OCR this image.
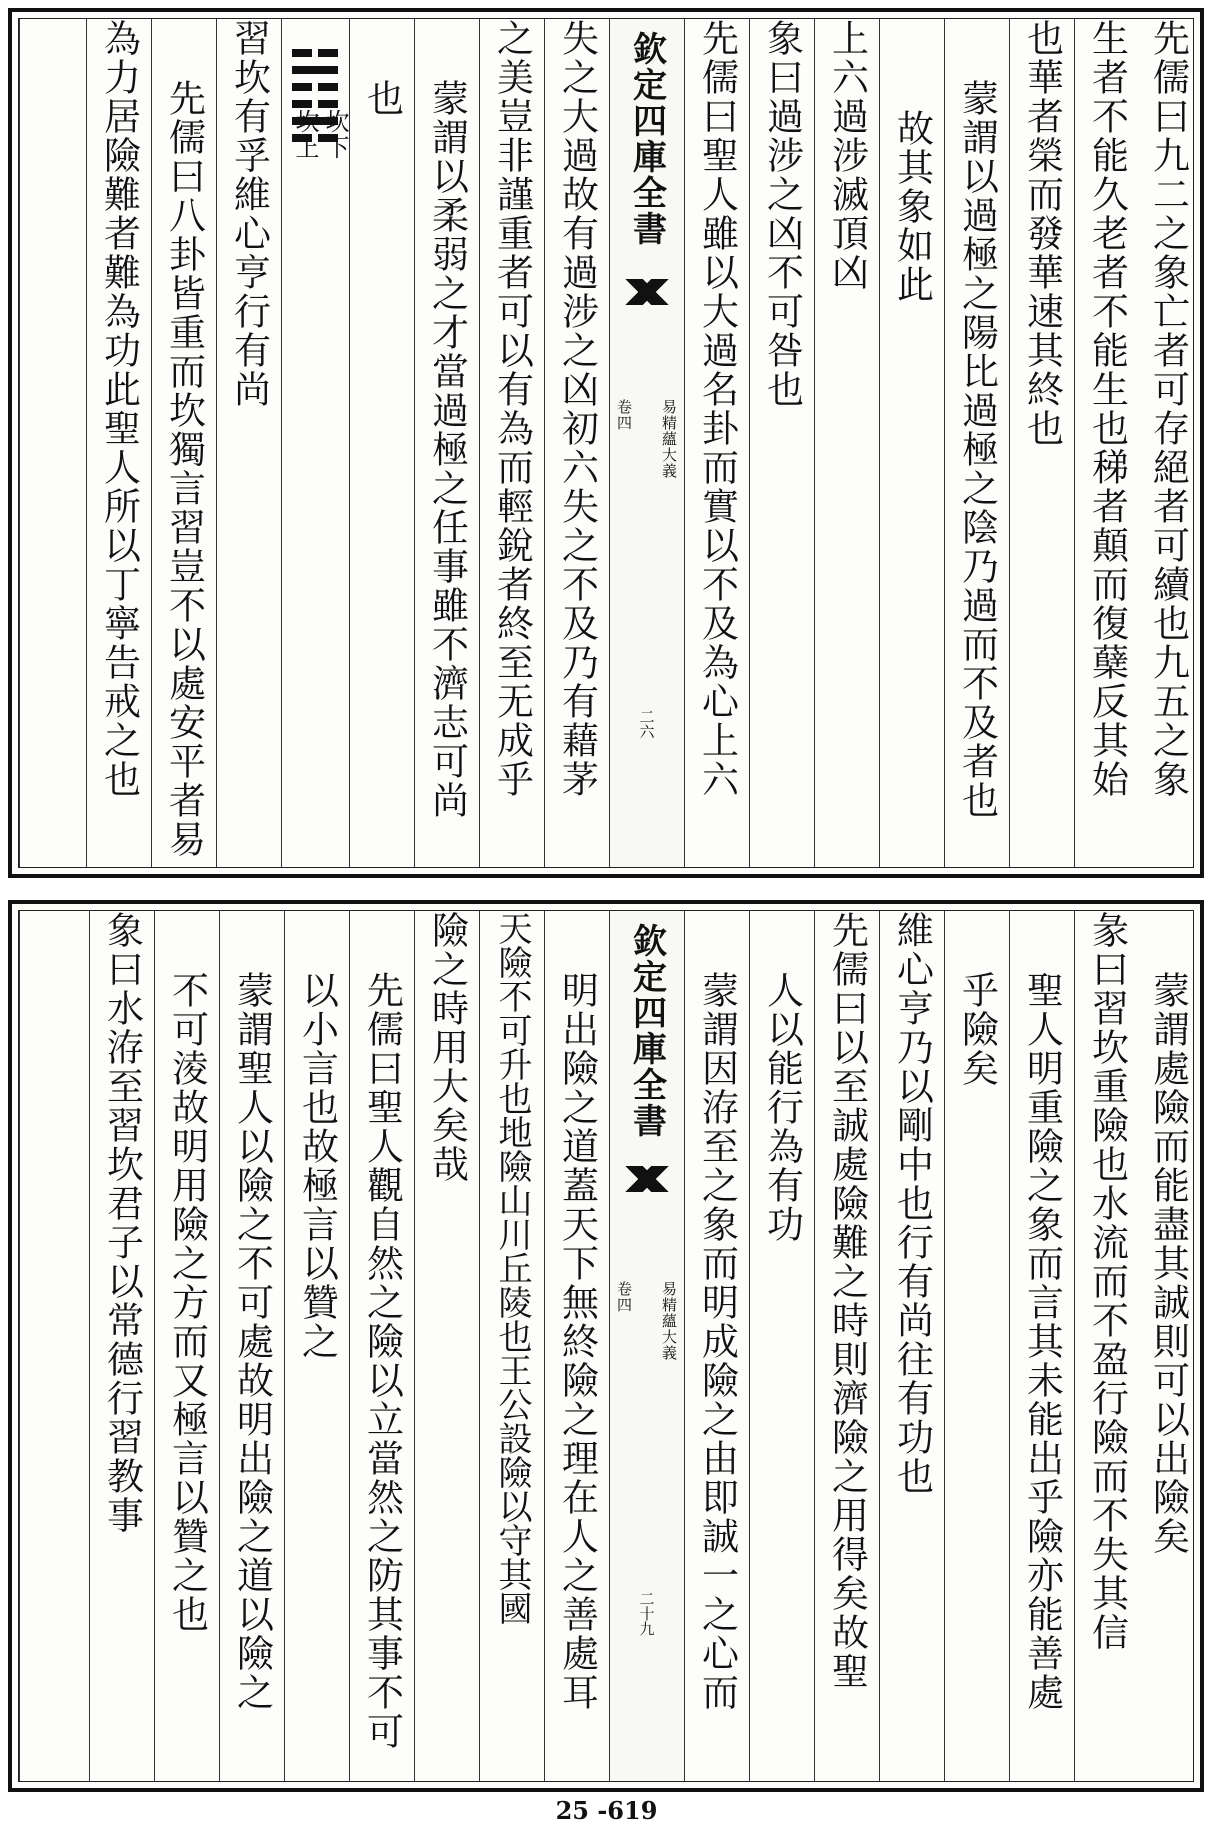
先儒曰九二之象亡者可存絕者可續也九五之象
生者不能久老者不能生也稊者顛而復蘖反其始
也華者榮而發華速其終也
蒙謂以過極之陽比過極之陰乃過而不及者也
故其象如此
上六過涉滅頂凶
象曰過涉之凶不可咎也
先儒曰聖人雖以大過名卦而實以不及為心上六
欽定四庫全書
易精蘊大義
卷四
二六
失之大過故有過涉之凶初六失之不及乃有藉茅
之美豈非謹重者可以有為而輕銳者終至无成乎
蒙謂以柔弱之才當過極之任事雖不濟志可尚
也
坎下
坎上
習坎有孚維心亨行有尚
先儒曰八卦皆重而坎獨言習豈不以處安平者易
為力居險難者難為功此聖人所以丁寧告戒之也
蒙謂處險而能盡其誠則可以出險矣
彖曰習坎重險也水流而不盈行險而不失其信
聖人明重險之象而言其未能出乎險亦能善處
乎險矣
維心亨乃以剛中也行有尚往有功也
先儒曰以至誠處險難之時則濟險之用得矣故聖
人以能行為有功
蒙謂因洊至之象而明成險之由即誠一之心而
欽定四庫全書
易精蘊大義
卷四
二十九
明出險之道蓋天下無終險之理在人之善處耳
天險不可升也地險山川丘陵也王公設險以守其國
險之時用大矣哉
先儒曰聖人觀自然之險以立當然之防其事不可
以小言也故極言以贊之
蒙謂聖人以險之不可處故明出險之道以險之
不可淩故明用險之方而又極言以贊之也
象曰水洊至習坎君子以常德行習教事
25 -619
